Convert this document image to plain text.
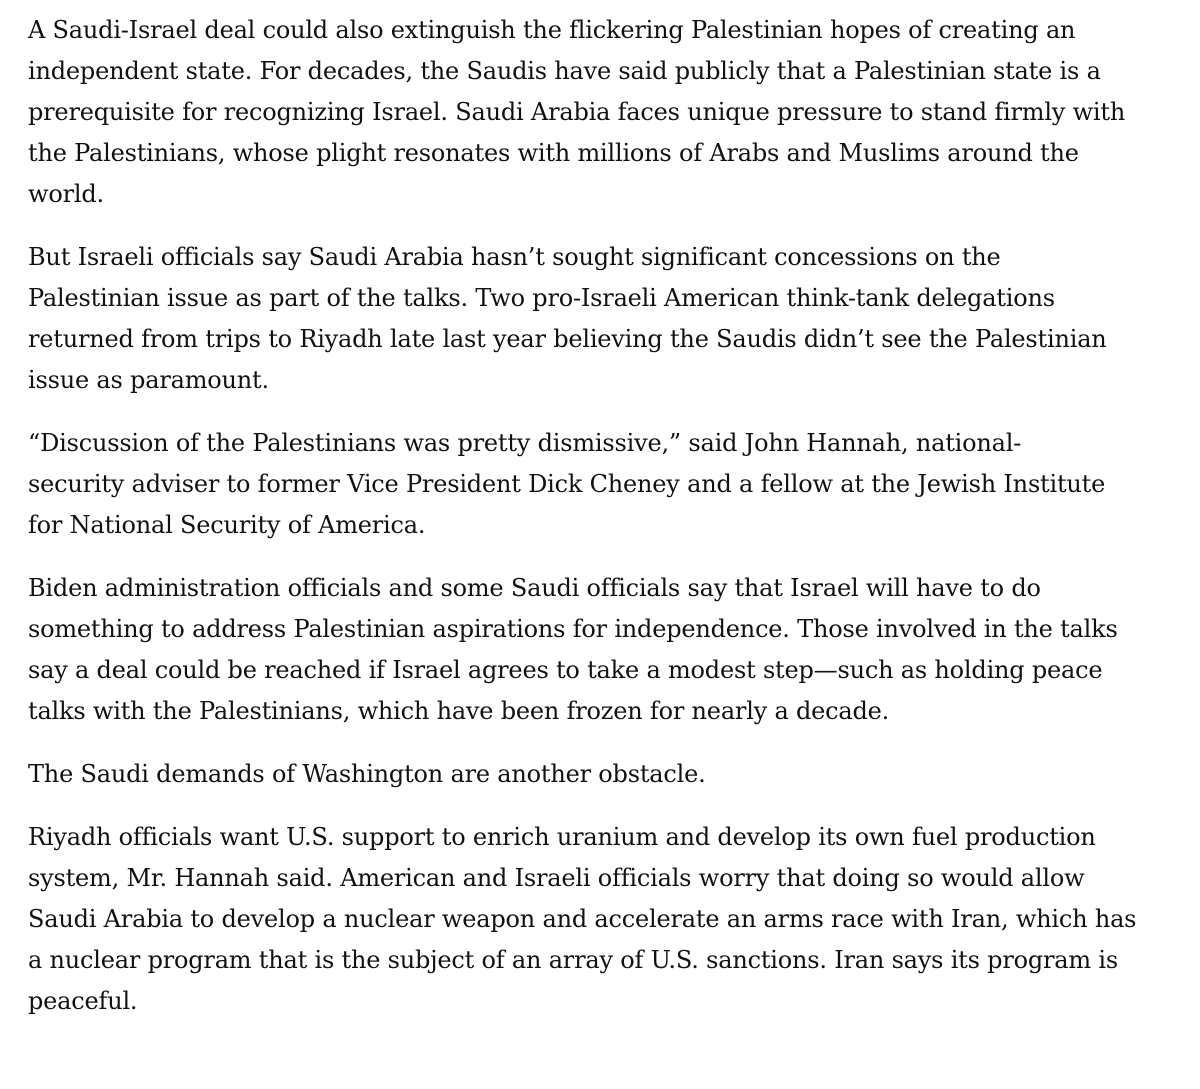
A Saudi-Israel deal could also extinguish the flickering Palestinian hopes of creating an
independent state. For decades, the Saudis have said publicly that a Palestinian state is a
prerequisite for recognizing Israel. Saudi Arabia faces unique pressure to stand firmly with
the Palestinians, whose plight resonates with millions of Arabs and Muslims around the
world.

But Israeli officials say Saudi Arabia hasn’t sought significant concessions on the
Palestinian issue as part of the talks. Two pro-Israeli American think-tank delegations
returned from trips to Riyadh late last year believing the Saudis didn’t see the Palestinian
issue as paramount.

“Discussion of the Palestinians was pretty dismissive,” said John Hannah, national-
security adviser to former Vice President Dick Cheney and a fellow at the Jewish Institute
for National Security of America.

Biden administration officials and some Saudi officials say that Israel will have to do
something to address Palestinian aspirations for independence. Those involved in the talks
say a deal could be reached if Israel agrees to take a modest step—such as holding peace
talks with the Palestinians, which have been frozen for nearly a decade.

The Saudi demands of Washington are another obstacle.

Riyadh officials want U.S. support to enrich uranium and develop its own fuel production
system, Mr. Hannah said. American and Israeli officials worry that doing so would allow
Saudi Arabia to develop a nuclear weapon and accelerate an arms race with Iran, which has
a nuclear program that is the subject of an array of U.S. sanctions. Iran says its program is
peaceful.
